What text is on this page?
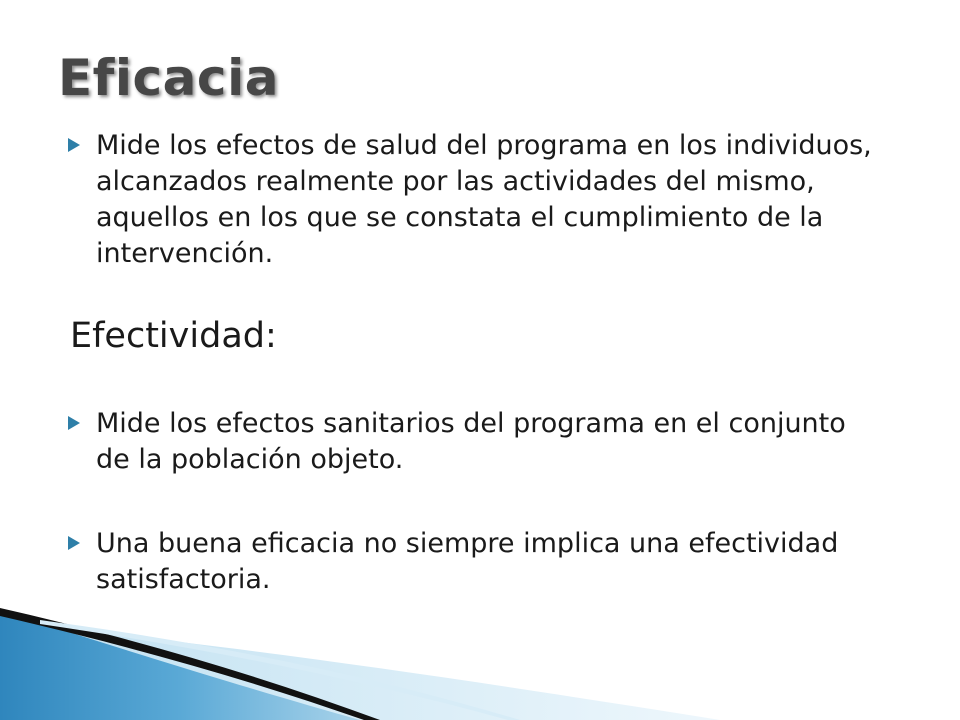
Eficacia

Mide los efectos de salud del programa en los individuos, alcanzados realmente por las actividades del mismo, aquellos en los que se constata el cumplimiento de la intervención.

Efectividad:

Mide los efectos sanitarios del programa en el conjunto de la población objeto.

Una buena eficacia no siempre implica una efectividad satisfactoria.
